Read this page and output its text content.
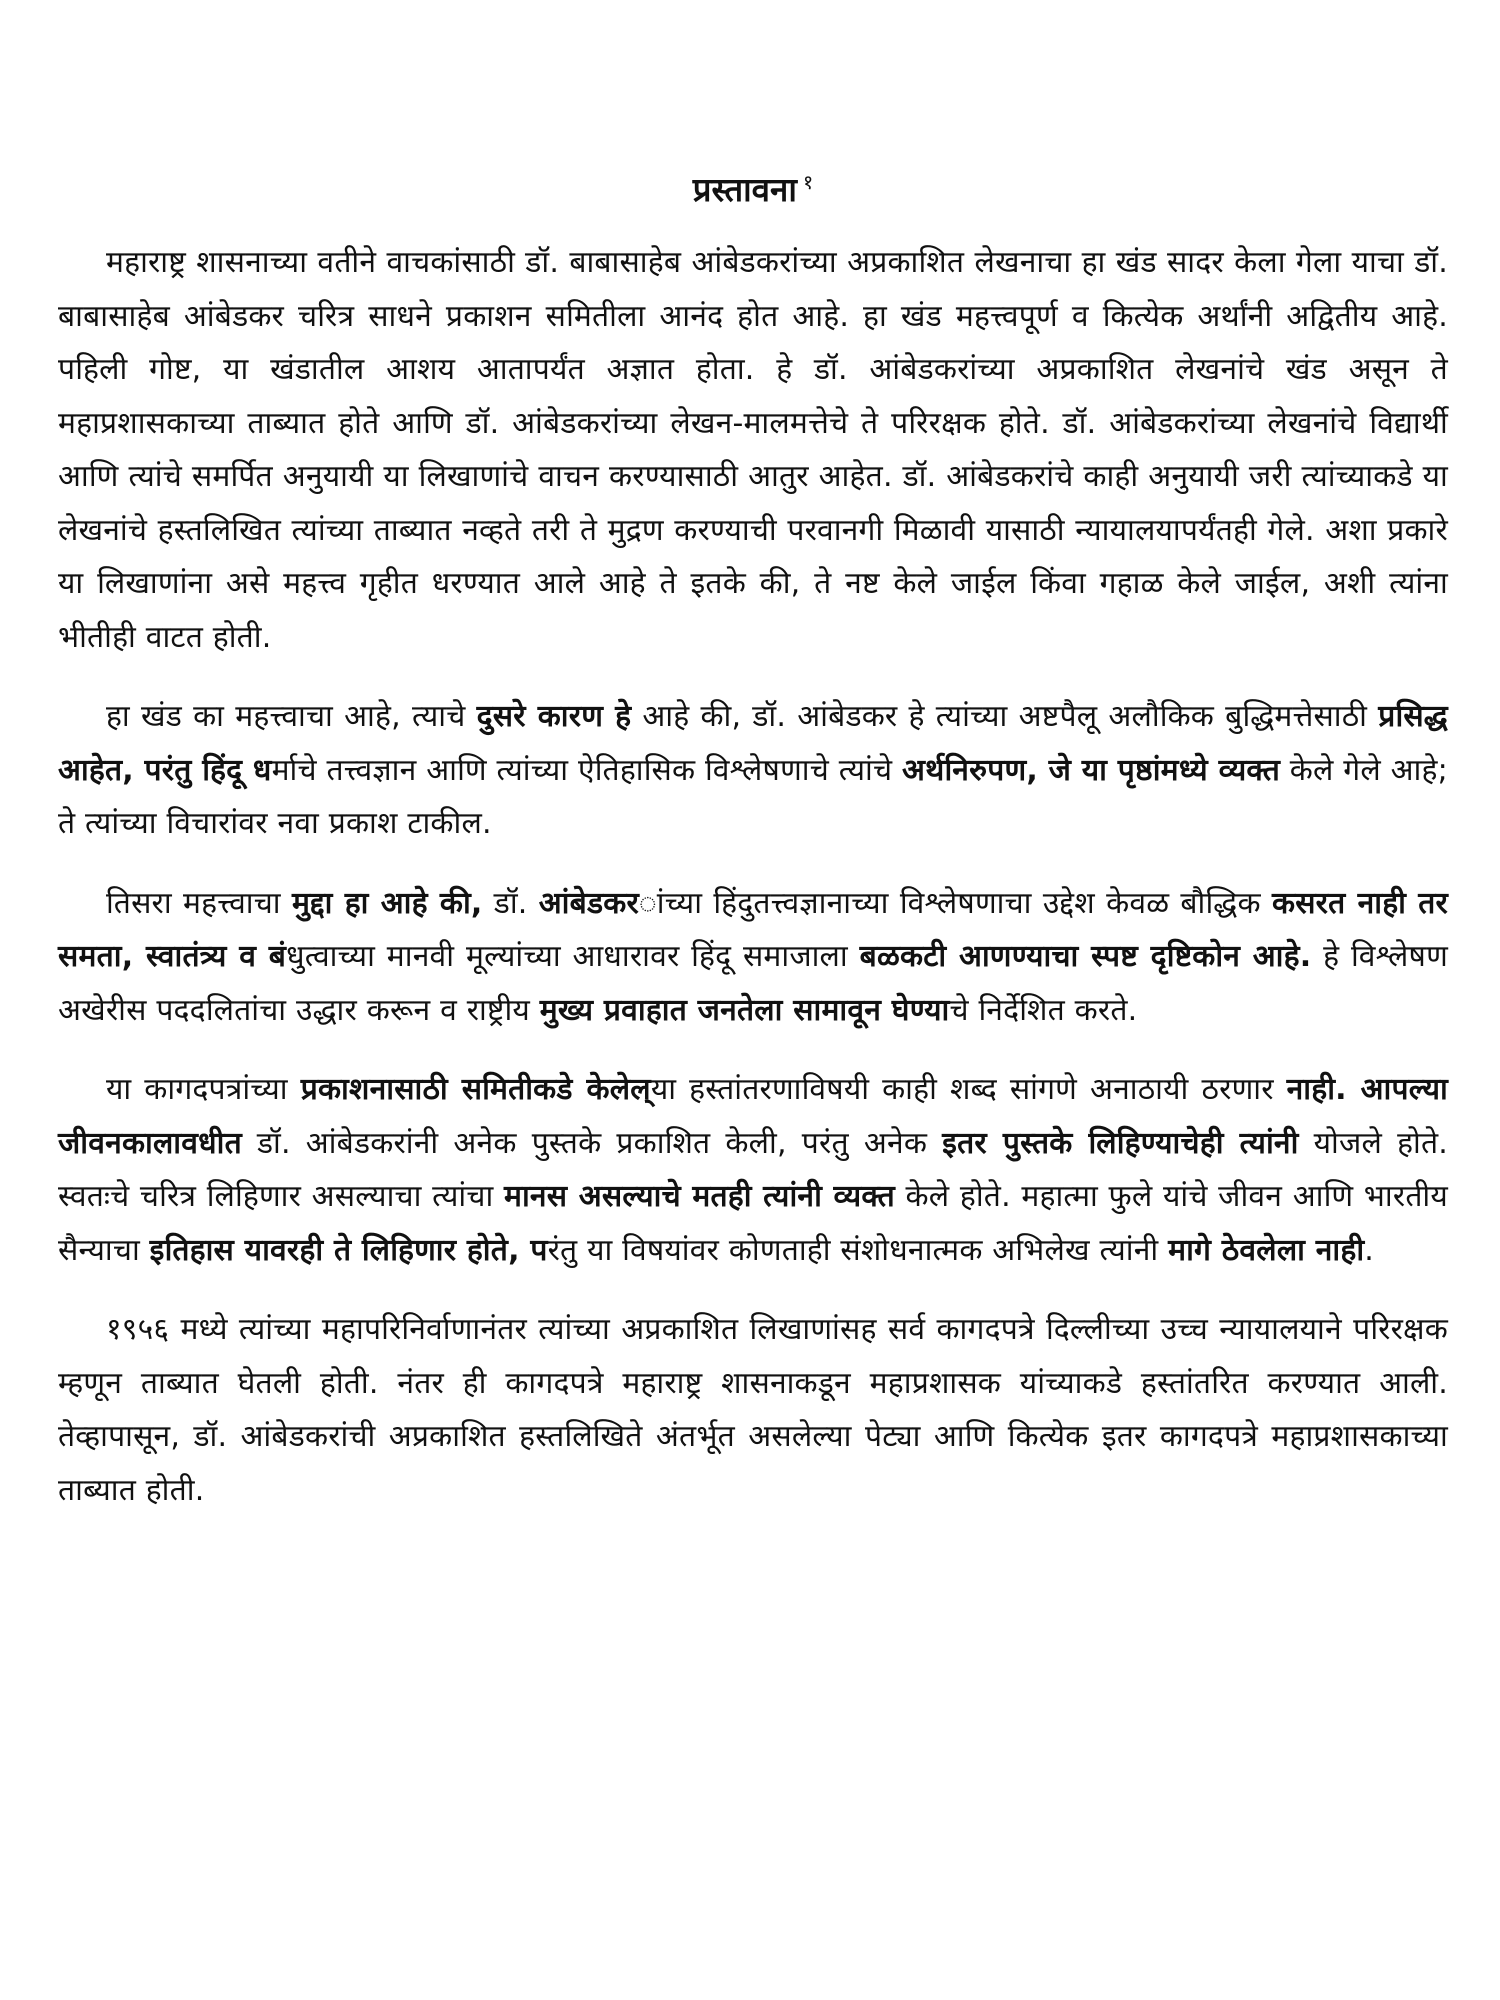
प्रस्तावना $^१$

महाराष्ट्र शासनाच्या वतीने वाचकांसाठी डॉ. बाबासाहेब आंबेडकरांच्या अप्रकाशित लेखनाचा हा खंड सादर केला गेला याचा डॉ. बाबासाहेब आंबेडकर चरित्र साधने प्रकाशन समितीला आनंद होत आहे. हा खंड महत्त्वपूर्ण व कित्येक अर्थांनी अद्वितीय आहे. पहिली गोष्ट, या खंडातील आशय आतापर्यंत अज्ञात होता. हे डॉ. आंबेडकरांच्या अप्रकाशित लेखनांचे खंड असून ते महाप्रशासकाच्या ताब्यात होते आणि डॉ. आंबेडकरांच्या लेखन-मालमत्तेचे ते परिरक्षक होते. डॉ. आंबेडकरांच्या लेखनांचे विद्यार्थी आणि त्यांचे समर्पित अनुयायी या लिखाणांचे वाचन करण्यासाठी आतुर आहेत. डॉ. आंबेडकरांचे काही अनुयायी जरी त्यांच्याकडे या लेखनांचे हस्तलिखित त्यांच्या ताब्यात नव्हते तरी ते मुद्रण करण्याची परवानगी मिळावी यासाठी न्यायालयापर्यंतही गेले. अशा प्रकारे या लिखाणांना असे महत्त्व गृहीत धरण्यात आले आहे ते इतके की, ते नष्ट केले जाईल किंवा गहाळ केले जाईल, अशी त्यांना भीतीही वाटत होती.

हा खंड का महत्त्वाचा आहे, त्याचे दुसरे कारण हे आहे की, डॉ. आंबेडकर हे त्यांच्या अष्टपैलू अलौकिक बुद्धिमत्तेसाठी प्रसिद्ध आहेत, परंतु हिंदू धर्माचे तत्त्वज्ञान आणि त्यांच्या ऐतिहासिक विश्लेषणाचे त्यांचे अर्थनिरुपण, जे या पृष्ठांमध्ये व्यक्त केले गेले आहे; ते त्यांच्या विचारांवर नवा प्रकाश टाकील.

तिसरा महत्त्वाचा मुद्दा हा आहे की, डॉ. आंबेडकरांच्या हिंदुतत्त्वज्ञानाच्या विश्लेषणाचा उद्देश केवळ बौद्धिक कसरत नाही तर समता, स्वातंत्र्य व बंधुत्वाच्या मानवी मूल्यांच्या आधारावर हिंदू समाजाला बळकटी आणण्याचा स्पष्ट दृष्टिकोन आहे. हे विश्लेषण अखेरीस पददलितांचा उद्धार करून व राष्ट्रीय मुख्य प्रवाहात जनतेला सामावून घेण्याचे निर्देशित करते.

या कागदपत्रांच्या प्रकाशनासाठी समितीकडे केलेल्या हस्तांतरणाविषयी काही शब्द सांगणे अनाठायी ठरणार नाही. आपल्या जीवनकालावधीत डॉ. आंबेडकरांनी अनेक पुस्तके प्रकाशित केली, परंतु अनेक इतर पुस्तके लिहिण्याचेही त्यांनी योजले होते. स्वतःचे चरित्र लिहिणार असल्याचा त्यांचा मानस असल्याचे मतही त्यांनी व्यक्त केले होते. महात्मा फुले यांचे जीवन आणि भारतीय सैन्याचा इतिहास यावरही ते लिहिणार होते, परंतु या विषयांवर कोणताही संशोधनात्मक अभिलेख त्यांनी मागे ठेवलेला नाही.

१९५६ मध्ये त्यांच्या महापरिनिर्वाणानंतर त्यांच्या अप्रकाशित लिखाणांसह सर्व कागदपत्रे दिल्लीच्या उच्च न्यायालयाने परिरक्षक म्हणून ताब्यात घेतली होती. नंतर ही कागदपत्रे महाराष्ट्र शासनाकडून महाप्रशासक यांच्याकडे हस्तांतरित करण्यात आली. तेव्हापासून, डॉ. आंबेडकरांची अप्रकाशित हस्तलिखिते अंतर्भूत असलेल्या पेट्या आणि कित्येक इतर कागदपत्रे महाप्रशासकाच्या ताब्यात होती.
